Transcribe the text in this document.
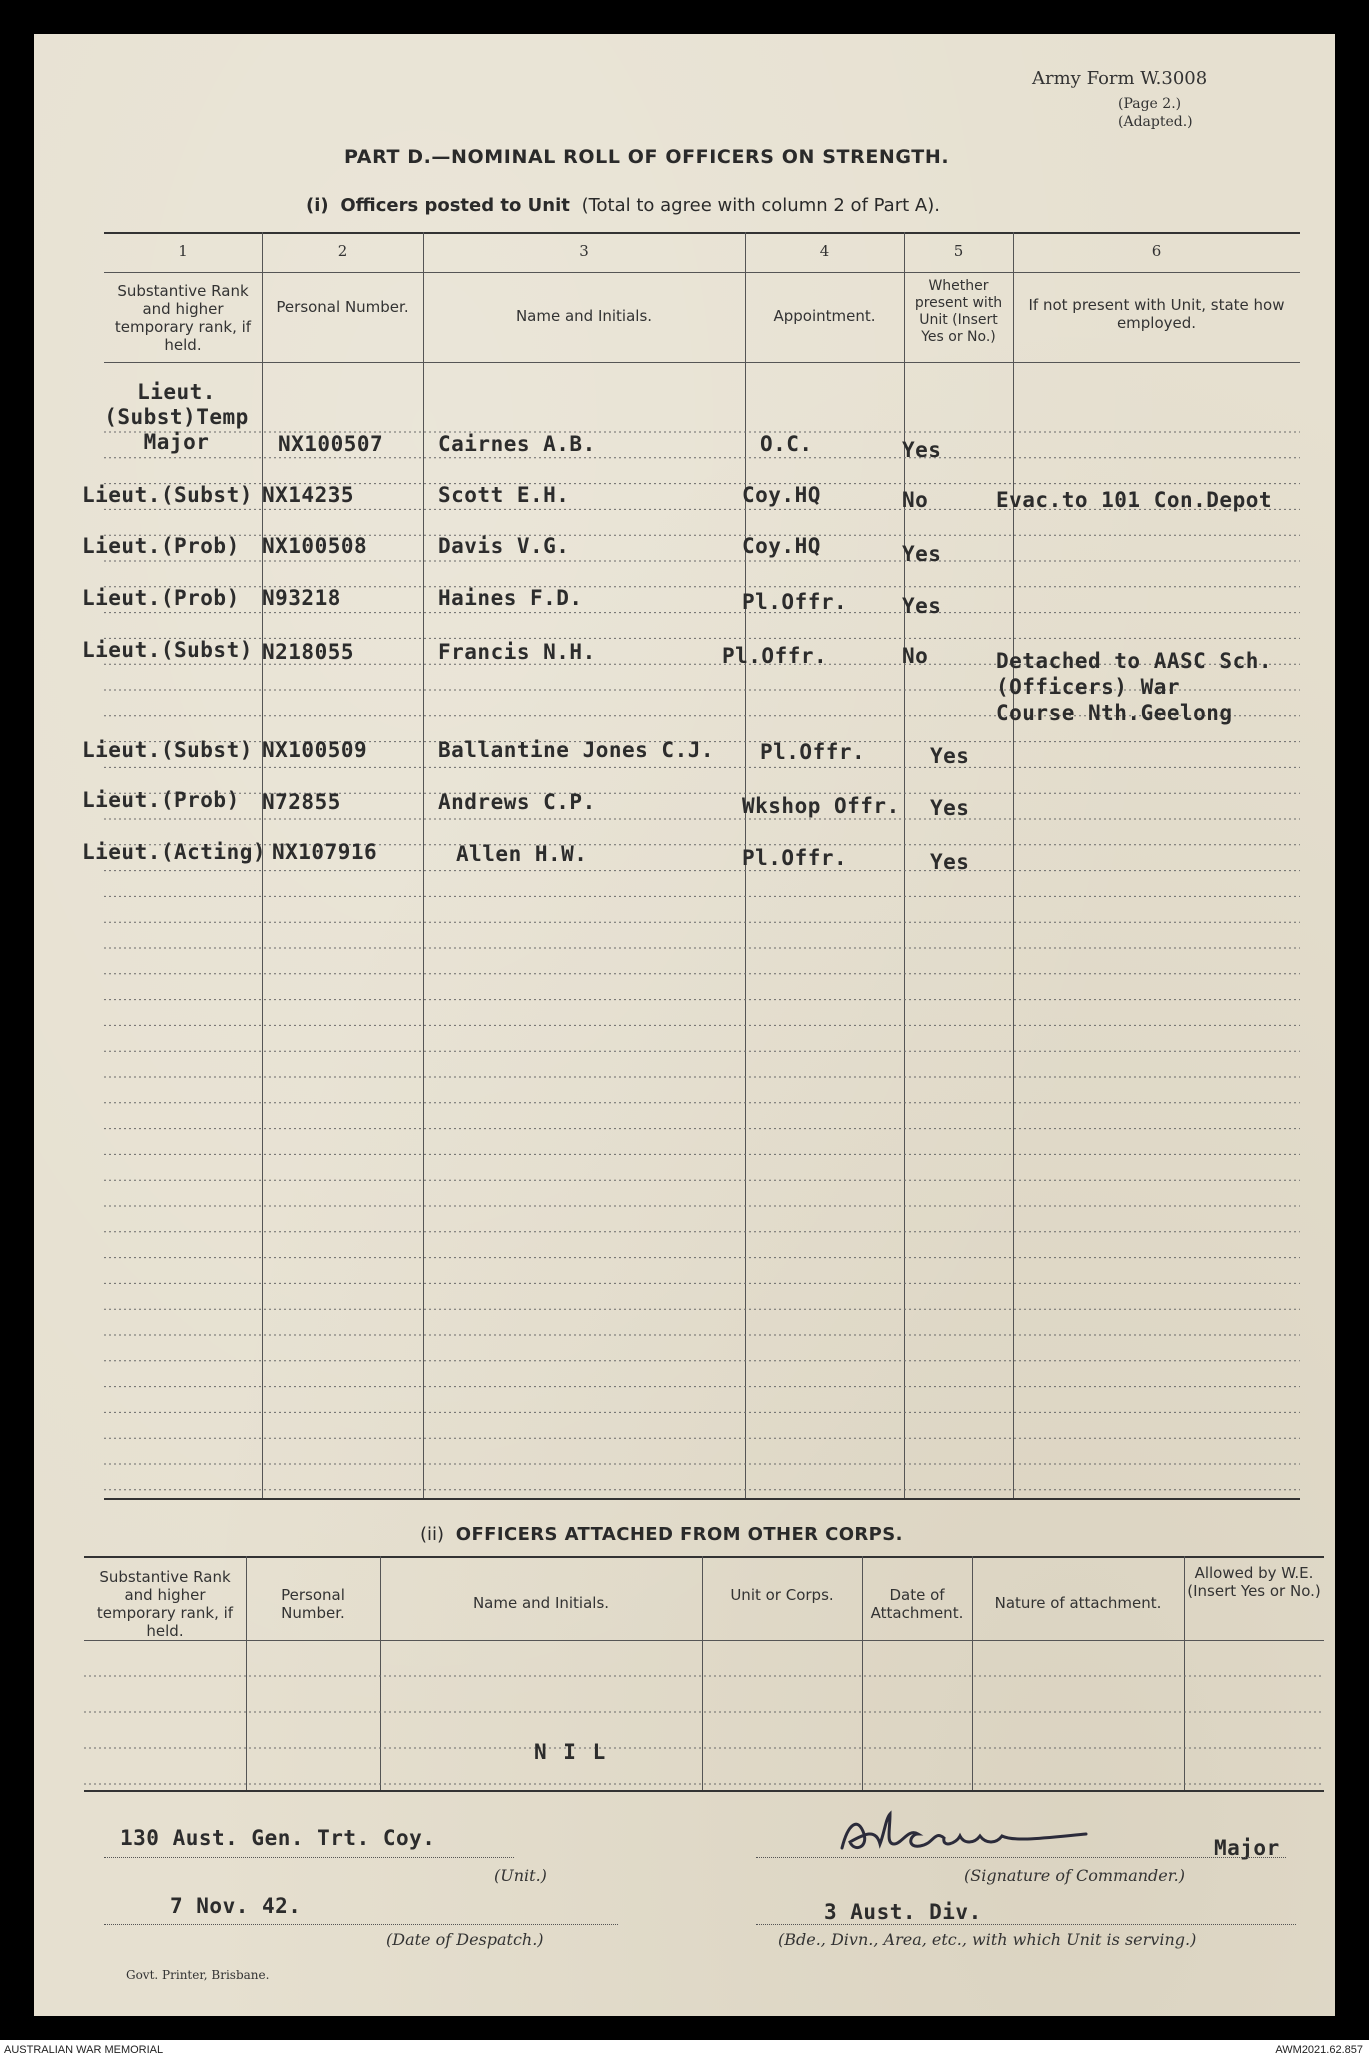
Army Form W.3008
(Page 2.)
(Adapted.)
PART D.—NOMINAL ROLL OF OFFICERS ON STRENGTH.
(i) Officers posted to Unit (Total to agree with column 2 of Part A).
1	2	3	4	5	6
Substantive Rank and higher temporary rank, if held.
Personal Number.	Name and Initials.	Appointment.
Whether present with Unit (Insert Yes or No.)
If not present with Unit, state how employed.
Lieut.
(Subst)Temp
Major	NX100507	Cairnes A.B.	O.C.	Yes
Lieut.(Subst) NX14235	Scott E.H.	Coy.HQ	No	Evac.to 101 Con.Depot
Lieut.(Prob) NX100508	Davis V.G.	Coy.HQ	Yes
Lieut.(Prob) N93218	Haines F.D.	Pl.Offr.	Yes
Lieut.(Subst) N218055	Francis N.H.	Pl.Offr.	No	Detached to AASC Sch.
(Officers) War
Course Nth.Geelong
Lieut.(Subst) NX100509	Ballantine Jones C.J. Pl.Offr.	Yes
Lieut.(Prob) N72855	Andrews C.P.	Wkshop Offr. Yes
Lieut.(Acting) NX107916	Allen H.W.	Pl.Offr.	Yes
(ii) OFFICERS ATTACHED FROM OTHER CORPS.
Substantive Rank and higher temporary rank, if held.
Personal Number.
Name and Initials.	Unit or Corps.	Date of Attachment.
Nature of attachment.
Allowed by W.E. (Insert Yes or No.)
N I L
130 Aust. Gen. Trt. Coy.
(Unit.)
Major
(Signature of Commander.)
7 Nov. 42.
(Date of Despatch.)
3 Aust. Div.
(Bde., Divn., Area, etc., with which Unit is serving.)
Govt. Printer, Brisbane.
AUSTRALIAN WAR MEMORIAL	AWM2021.62.857
